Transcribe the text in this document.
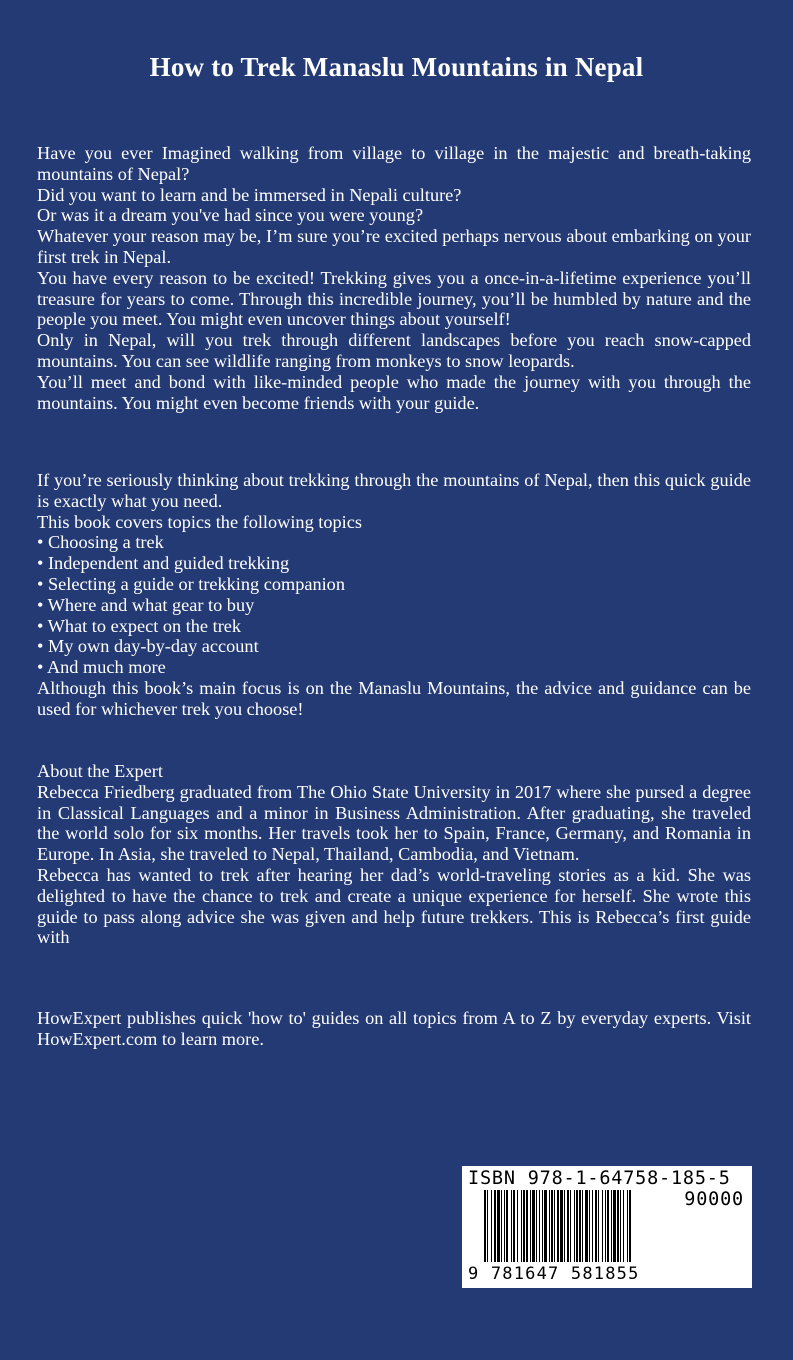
How to Trek Manaslu Mountains in Nepal

Have you ever Imagined walking from village to village in the majestic and breath-taking mountains of Nepal?

Did you want to learn and be immersed in Nepali culture?

Or was it a dream you've had since you were young?

Whatever your reason may be, I’m sure you’re excited perhaps nervous about embarking on your first trek in Nepal.

You have every reason to be excited! Trekking gives you a once-in-a-lifetime experience you’ll treasure for years to come. Through this incredible journey, you’ll be humbled by nature and the people you meet. You might even uncover things about yourself!

Only in Nepal, will you trek through different landscapes before you reach snow-capped mountains. You can see wildlife ranging from monkeys to snow leopards.

You’ll meet and bond with like-minded people who made the journey with you through the mountains. You might even become friends with your guide.

If you’re seriously thinking about trekking through the mountains of Nepal, then this quick guide is exactly what you need.

This book covers topics the following topics

• Choosing a trek

• Independent and guided trekking

• Selecting a guide or trekking companion

• Where and what gear to buy

• What to expect on the trek

• My own day-by-day account

• And much more

Although this book’s main focus is on the Manaslu Mountains, the advice and guidance can be used for whichever trek you choose!

About the Expert

Rebecca Friedberg graduated from The Ohio State University in 2017 where she pursed a degree in Classical Languages and a minor in Business Administration. After graduating, she traveled the world solo for six months. Her travels took her to Spain, France, Germany, and Romania in Europe. In Asia, she traveled to Nepal, Thailand, Cambodia, and Vietnam.

Rebecca has wanted to trek after hearing her dad’s world-traveling stories as a kid. She was delighted to have the chance to trek and create a unique experience for herself. She wrote this guide to pass along advice she was given and help future trekkers. This is Rebecca’s first guide with

HowExpert publishes quick 'how to' guides on all topics from A to Z by everyday experts. Visit HowExpert.com to learn more.

ISBN 978-1-64758-185-5
90000
9 781647 581855
